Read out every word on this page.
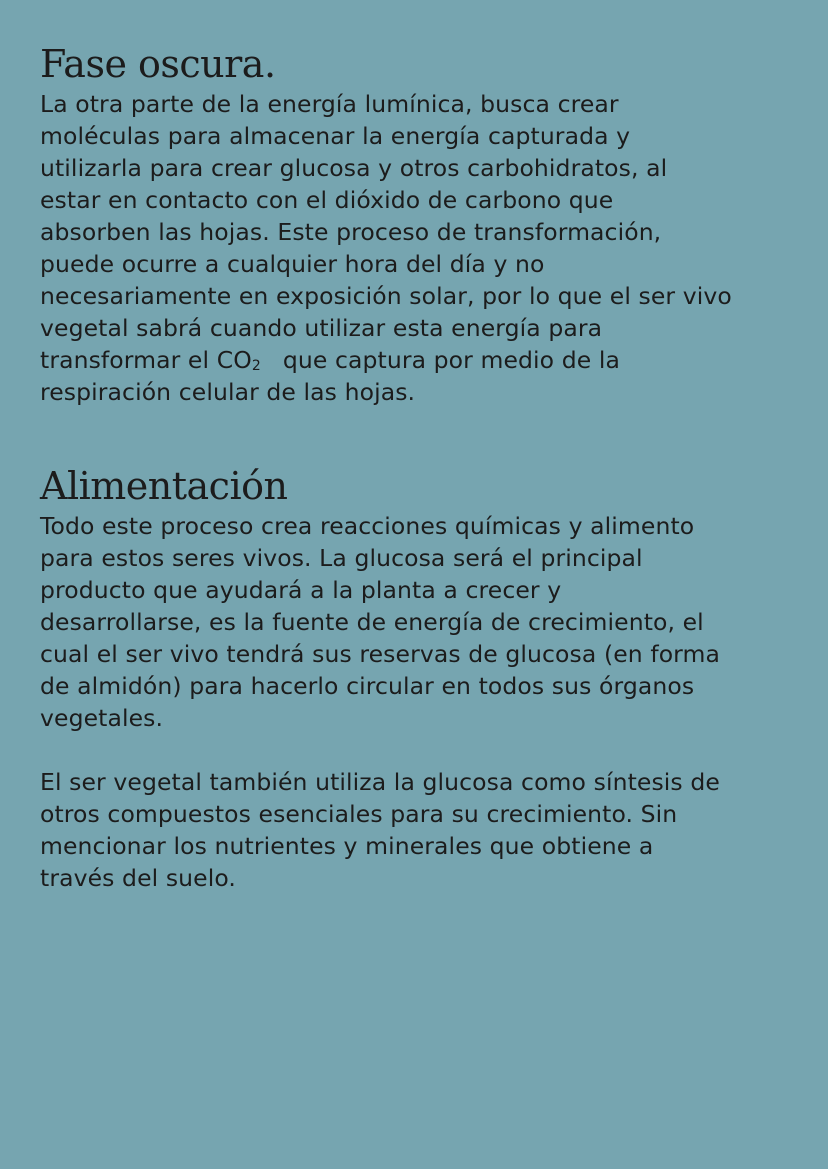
Fase oscura.

La otra parte de la energía lumínica, busca crear
moléculas para almacenar la energía capturada y
utilizarla para crear glucosa y otros carbohidratos, al
estar en contacto con el dióxido de carbono que
absorben las hojas. Este proceso de transformación,
puede ocurre a cualquier hora del día y no
necesariamente en exposición solar, por lo que el ser vivo
vegetal sabrá cuando utilizar esta energía para
transformar el $CO_2$ que captura por medio de la
respiración celular de las hojas.

Alimentación

Todo este proceso crea reacciones químicas y alimento
para estos seres vivos. La glucosa será el principal
producto que ayudará a la planta a crecer y
desarrollarse, es la fuente de energía de crecimiento, el
cual el ser vivo tendrá sus reservas de glucosa (en forma
de almidón) para hacerlo circular en todos sus órganos
vegetales.

El ser vegetal también utiliza la glucosa como síntesis de
otros compuestos esenciales para su crecimiento. Sin
mencionar los nutrientes y minerales que obtiene a
través del suelo.
